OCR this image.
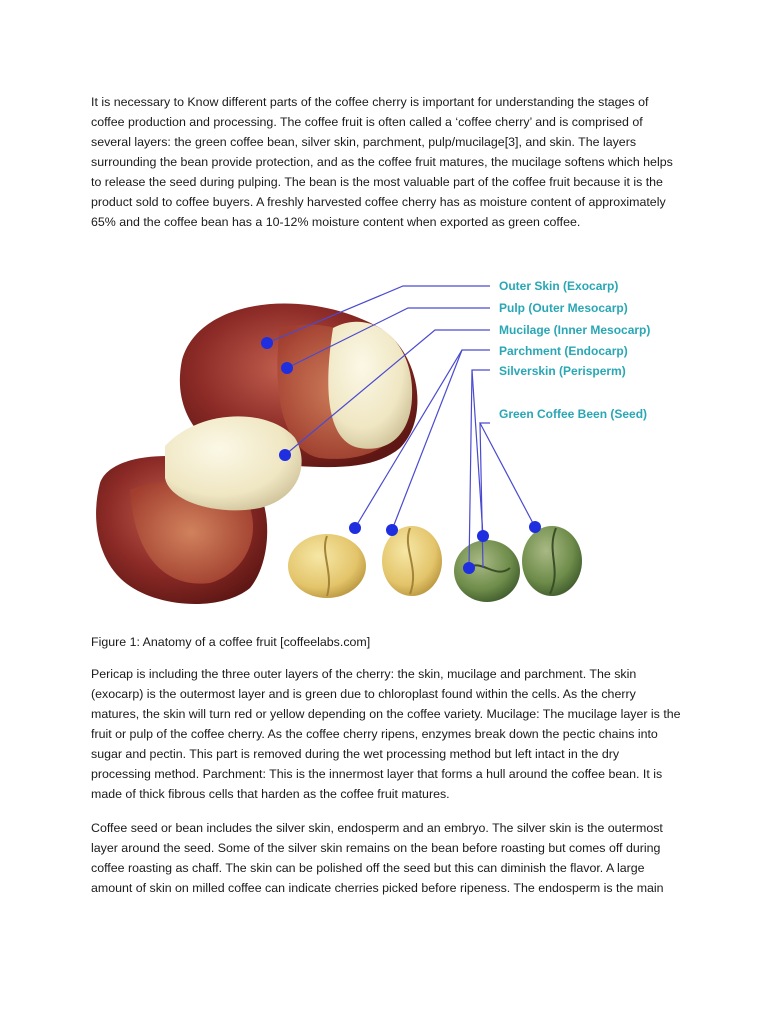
It is necessary to Know different parts of the coffee cherry is important for understanding the stages of coffee production and processing. The coffee fruit is often called a ‘coffee cherry’ and is comprised of several layers: the green coffee bean, silver skin, parchment, pulp/mucilage[3], and skin. The layers surrounding the bean provide protection, and as the coffee fruit matures, the mucilage softens which helps to release the seed during pulping. The bean is the most valuable part of the coffee fruit because it is the product sold to coffee buyers. A freshly harvested coffee cherry has as moisture content of approximately 65% and the coffee bean has a 10-12% moisture content when exported as green coffee.

Outer Skin (Exocarp)
Pulp (Outer Mesocarp)
Mucilage (Inner Mesocarp)
Parchment (Endocarp)
Silverskin (Perisperm)
Green Coffee Been (Seed)

Figure 1: Anatomy of a coffee fruit [coffeelabs.com]

Pericap is including the three outer layers of the cherry: the skin, mucilage and parchment. The skin (exocarp) is the outermost layer and is green due to chloroplast found within the cells. As the cherry matures, the skin will turn red or yellow depending on the coffee variety. Mucilage: The mucilage layer is the fruit or pulp of the coffee cherry. As the coffee cherry ripens, enzymes break down the pectic chains into sugar and pectin. This part is removed during the wet processing method but left intact in the dry processing method. Parchment: This is the innermost layer that forms a hull around the coffee bean. It is made of thick fibrous cells that harden as the coffee fruit matures.

Coffee seed or bean includes the silver skin, endosperm and an embryo. The silver skin is the outermost layer around the seed. Some of the silver skin remains on the bean before roasting but comes off during coffee roasting as chaff. The skin can be polished off the seed but this can diminish the flavor. A large amount of skin on milled coffee can indicate cherries picked before ripeness. The endosperm is the main
